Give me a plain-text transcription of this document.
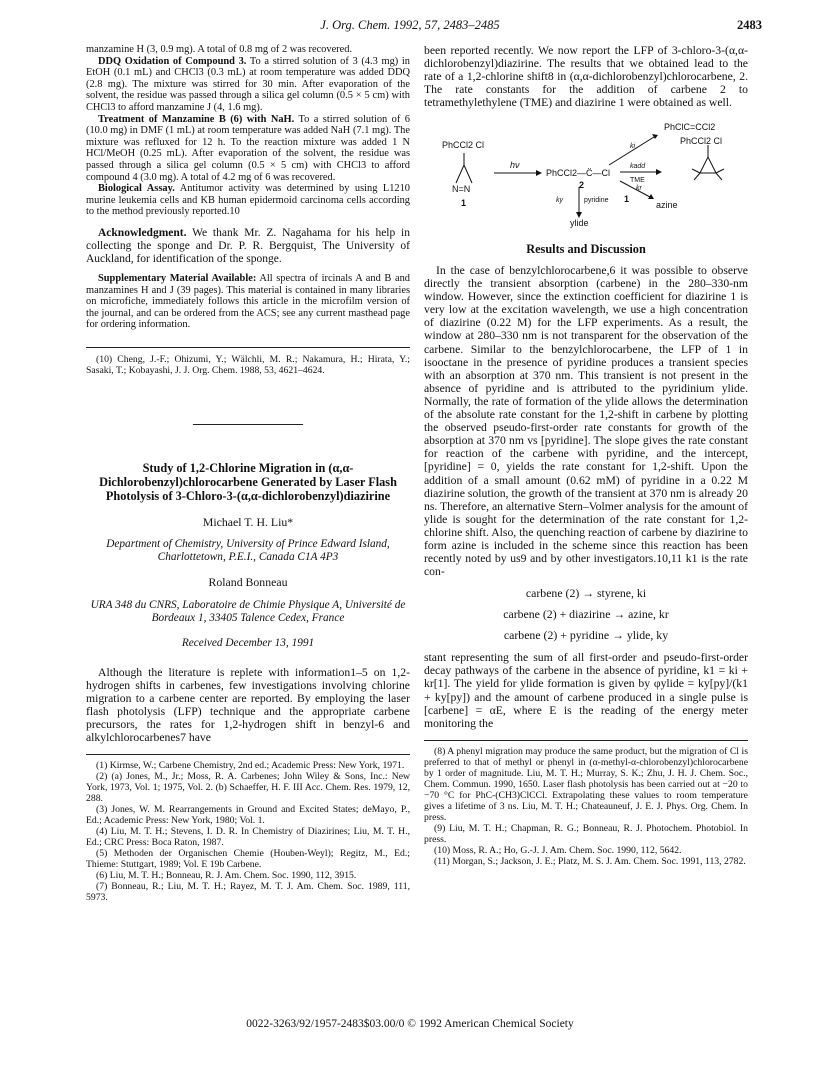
J. Org. Chem. 1992, 57, 2483–2485	2483

manzamine H (3, 0.9 mg). A total of 0.8 mg of 2 was recovered.

DDQ Oxidation of Compound 3. To a stirred solution of 3 (4.3 mg) in EtOH (0.1 mL) and CHCl3 (0.3 mL) at room temperature was added DDQ (2.8 mg). The mixture was stirred for 30 min. After evaporation of the solvent, the residue was passed through a silica gel column (0.5 × 5 cm) with CHCl3 to afford manzamine J (4, 1.6 mg).

Treatment of Manzamine B (6) with NaH. To a stirred solution of 6 (10.0 mg) in DMF (1 mL) at room temperature was added NaH (7.1 mg). The mixture was refluxed for 12 h. To the reaction mixture was added 1 N HCl/MeOH (0.25 mL). After evaporation of the solvent, the residue was passed through a silica gel column (0.5 × 5 cm) with CHCl3 to afford compound 4 (3.0 mg). A total of 4.2 mg of 6 was recovered.

Biological Assay. Antitumor activity was determined by using L1210 murine leukemia cells and KB human epidermoid carcinoma cells according to the method previously reported.10

Acknowledgment. We thank Mr. Z. Nagahama for his help in collecting the sponge and Dr. P. R. Bergquist, The University of Auckland, for identification of the sponge.

Supplementary Material Available: All spectra of ircinals A and B and manzamines H and J (39 pages). This material is contained in many libraries on microfiche, immediately follows this article in the microfilm version of the journal, and can be ordered from the ACS; see any current masthead page for ordering information.

(10) Cheng, J.-F.; Ohizumi, Y.; Wälchli, M. R.; Nakamura, H.; Hirata, Y.; Sasaki, T.; Kobayashi, J. J. Org. Chem. 1988, 53, 4621–4624.

Study of 1,2-Chlorine Migration in (α,α-Dichlorobenzyl)chlorocarbene Generated by Laser Flash Photolysis of 3-Chloro-3-(α,α-dichlorobenzyl)diazirine
Michael T. H. Liu*
Department of Chemistry, University of Prince Edward Island, Charlottetown, P.E.I., Canada C1A 4P3
Roland Bonneau
URA 348 du CNRS, Laboratoire de Chimie Physique A, Université de Bordeaux 1, 33405 Talence Cedex, France
Received December 13, 1991

Although the literature is replete with information1–5 on 1,2-hydrogen shifts in carbenes, few investigations involving chlorine migration to a carbene center are reported. By employing the laser flash photolysis (LFP) technique and the appropriate carbene precursors, the rates for 1,2-hydrogen shift in benzyl-6 and alkylchlorocarbenes7 have

(1) Kirmse, W.; Carbene Chemistry, 2nd ed.; Academic Press: New York, 1971.

(2) (a) Jones, M., Jr.; Moss, R. A. Carbenes; John Wiley & Sons, Inc.: New York, 1973, Vol. 1; 1975, Vol. 2. (b) Schaeffer, H. F. III Acc. Chem. Res. 1979, 12, 288.

(3) Jones, W. M. Rearrangements in Ground and Excited States; deMayo, P., Ed.; Academic Press: New York, 1980; Vol. 1.

(4) Liu, M. T. H.; Stevens, I. D. R. In Chemistry of Diazirines; Liu, M. T. H., Ed.; CRC Press: Boca Raton, 1987.

(5) Methoden der Organischen Chemie (Houben-Weyl); Regitz, M., Ed.; Thieme: Stuttgart, 1989; Vol. E 19b Carbene.

(6) Liu, M. T. H.; Bonneau, R. J. Am. Chem. Soc. 1990, 112, 3915.

(7) Bonneau, R.; Liu, M. T. H.; Rayez, M. T. J. Am. Chem. Soc. 1989, 111, 5973.

been reported recently. We now report the LFP of 3-chloro-3-(α,α-dichlorobenzyl)diazirine. The results that we obtained lead to the rate of a 1,2-chlorine shift8 in (α,α-dichlorobenzyl)chlorocarbene, 2. The rate constants for the addition of carbene 2 to tetramethylethylene (TME) and diazirine 1 were obtained as well.

PhCCl2 Cl
N=N
1
hν
PhCCl2—C̈—Cl
2
PhClC=CCl2
ki
kadd
TME
PhCCl2 Cl
kr
1
azine
ky	pyridine
ylide
Results and Discussion

In the case of benzylchlorocarbene,6 it was possible to observe directly the transient absorption (carbene) in the 280–330-nm window. However, since the extinction coefficient for diazirine 1 is very low at the excitation wavelength, we use a high concentration of diazirine (0.22 M) for the LFP experiments. As a result, the window at 280–330 nm is not transparent for the observation of the carbene. Similar to the benzylchlorocarbene, the LFP of 1 in isooctane in the presence of pyridine produces a transient species with an absorption at 370 nm. This transient is not present in the absence of pyridine and is attributed to the pyridinium ylide. Normally, the rate of formation of the ylide allows the determination of the absolute rate constant for the 1,2-shift in carbene by plotting the observed pseudo-first-order rate constants for growth of the absorption at 370 nm vs [pyridine]. The slope gives the rate constant for reaction of the carbene with pyridine, and the intercept, [pyridine] = 0, yields the rate constant for 1,2-shift. Upon the addition of a small amount (0.62 mM) of pyridine in a 0.22 M diazirine solution, the growth of the transient at 370 nm is already 20 ns. Therefore, an alternative Stern–Volmer analysis for the amount of ylide is sought for the determination of the rate constant for 1,2-chlorine shift. Also, the quenching reaction of carbene by diazirine to form azine is included in the scheme since this reaction has been recently noted by us9 and by other investigators.10,11 k1 is the rate con-

carbene (2) → styrene, ki
carbene (2) + diazirine → azine, kr
carbene (2) + pyridine → ylide, ky

stant representing the sum of all first-order and pseudo-first-order decay pathways of the carbene in the absence of pyridine, k1 = ki + kr[1]. The yield for ylide formation is given by φylide = ky[py]/(k1 + ky[py]) and the amount of carbene produced in a single pulse is [carbene] = αE, where E is the reading of the energy meter monitoring the

(8) A phenyl migration may produce the same product, but the migration of Cl is preferred to that of methyl or phenyl in (α-methyl-α-chlorobenzyl)chlorocarbene by 1 order of magnitude. Liu, M. T. H.; Murray, S. K.; Zhu, J. H. J. Chem. Soc., Chem. Commun. 1990, 1650. Laser flash photolysis has been carried out at −20 to −70 °C for PhC-(CH3)ClCCl. Extrapolating these values to room temperature gives a lifetime of 3 ns. Liu, M. T. H.; Chateauneuf, J. E. J. Phys. Org. Chem. In press.

(9) Liu, M. T. H.; Chapman, R. G.; Bonneau, R. J. Photochem. Photobiol. In press.

(10) Moss, R. A.; Ho, G.-J. J. Am. Chem. Soc. 1990, 112, 5642.

(11) Morgan, S.; Jackson, J. E.; Platz, M. S. J. Am. Chem. Soc. 1991, 113, 2782.

0022-3263/92/1957-2483$03.00/0 © 1992 American Chemical Society
